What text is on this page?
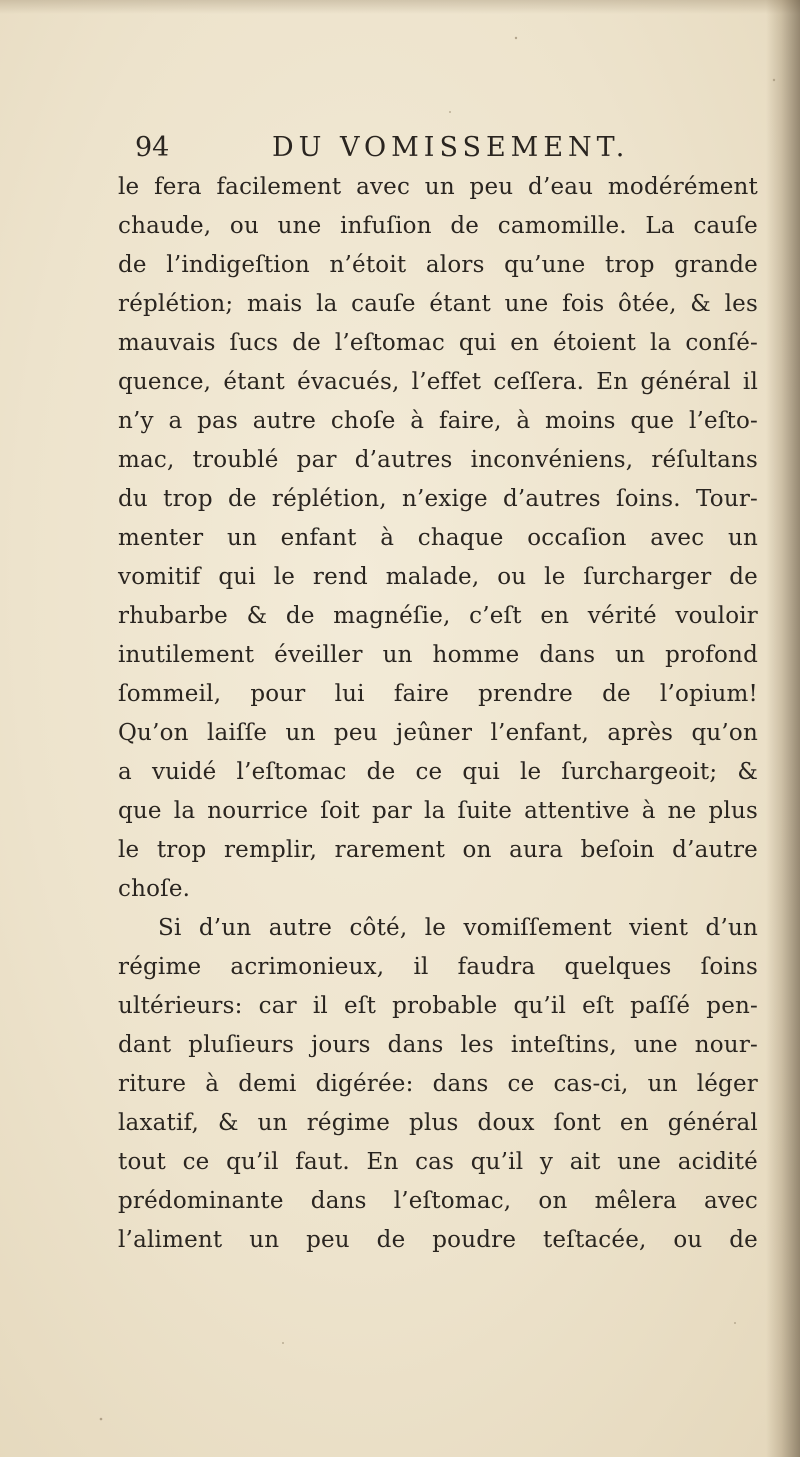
94	DU VOMISSEMENT.
le fera facilement avec un peu d’eau modérément
chaude, ou une infuſion de camomille. La cauſe
de l’indigeſtion n’étoit alors qu’une trop grande
réplétion; mais la cauſe étant une fois ôtée, & les
mauvais ſucs de l’eſtomac qui en étoient la conſé-
quence, étant évacués, l’effet ceſſera. En général il
n’y a pas autre choſe à faire, à moins que l’eſto-
mac, troublé par d’autres inconvéniens, réſultans
du trop de réplétion, n’exige d’autres ſoins. Tour-
menter un enfant à chaque occaſion avec un
vomitif qui le rend malade, ou le ſurcharger de
rhubarbe & de magnéſie, c’eſt en vérité vouloir
inutilement éveiller un homme dans un profond
ſommeil, pour lui faire prendre de l’opium!
Qu’on laiſſe un peu jeûner l’enfant, après qu’on
a vuidé l’eſtomac de ce qui le ſurchargeoit; &
que la nourrice ſoit par la ſuite attentive à ne plus
le trop remplir, rarement on aura beſoin d’autre
choſe.
Si d’un autre côté, le vomiſſement vient d’un
régime acrimonieux, il faudra quelques ſoins
ultérieurs: car il eſt probable qu’il eſt paſſé pen-
dant pluſieurs jours dans les inteſtins, une nour-
riture à demi digérée: dans ce cas-ci, un léger
laxatif, & un régime plus doux ſont en général
tout ce qu’il faut. En cas qu’il y ait une acidité
prédominante dans l’eſtomac, on mêlera avec
l’aliment un peu de poudre teſtacée, ou de
